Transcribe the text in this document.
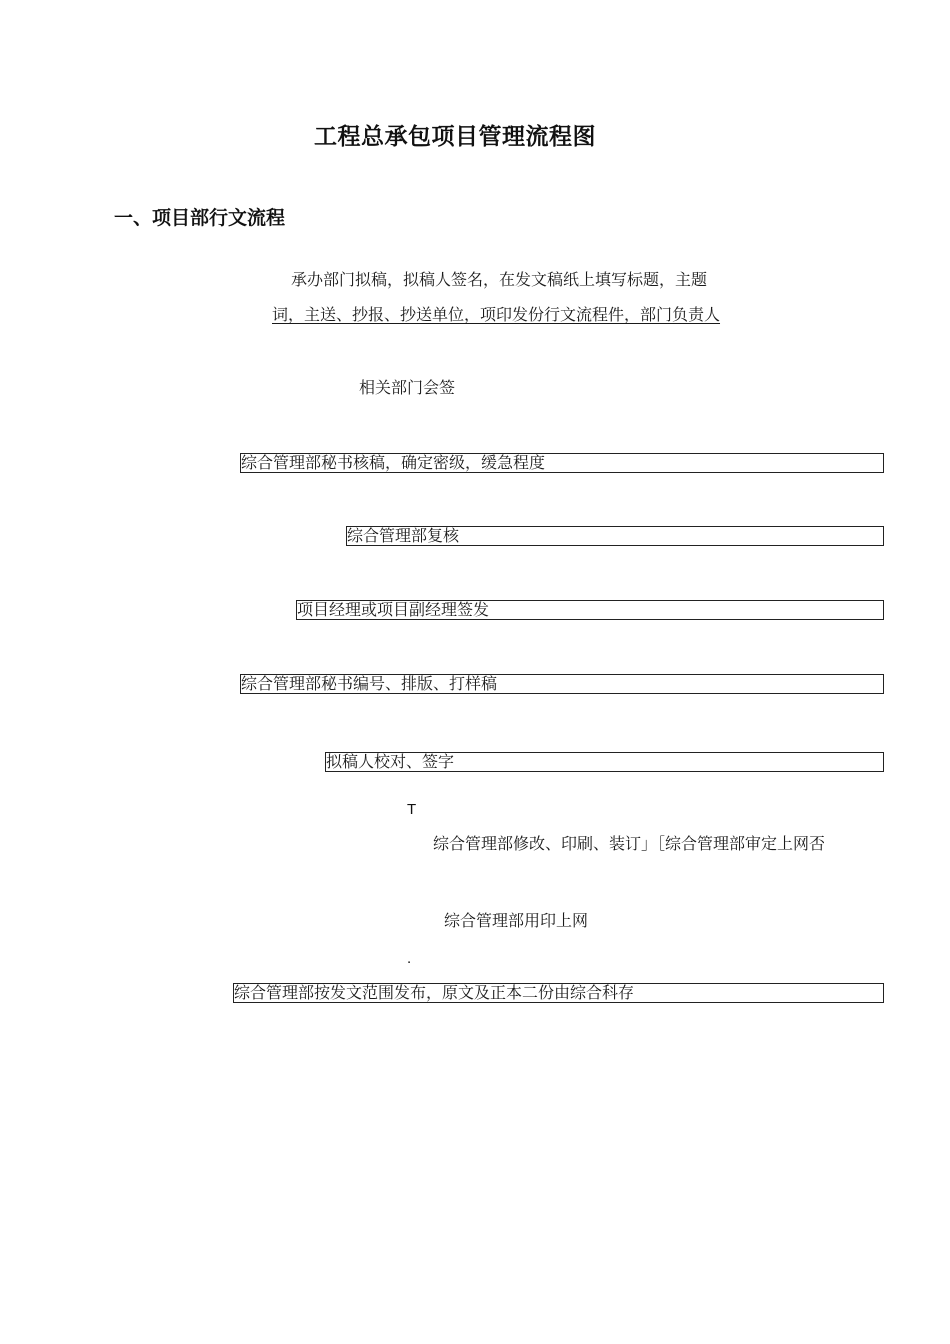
工程总承包项目管理流程图
一、项目部行文流程
承办部门拟稿，拟稿人签名，在发文稿纸上填写标题，主题
词，主送、抄报、抄送单位，项印发份行文流程件，部门负责人
相关部门会签
综合管理部秘书核稿，确定密级，缓急程度
综合管理部复核
项目经理或项目副经理签发
综合管理部秘书编号、排版、打样稿
拟稿人校对、签字
T
综合管理部修改、印刷、装订」［综合管理部审定上网否
综合管理部用印上网
.
综合管理部按发文范围发布，原文及正本二份由综合科存
